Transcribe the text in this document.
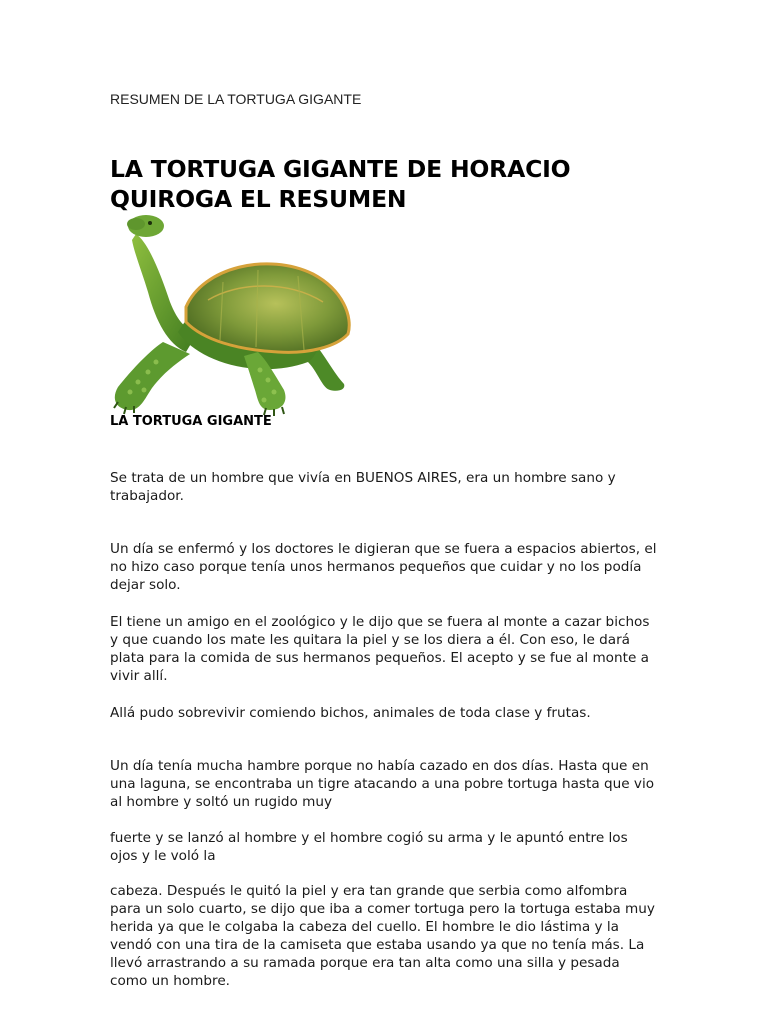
RESUMEN DE LA TORTUGA GIGANTE
LA TORTUGA GIGANTE DE HORACIO QUIROGA EL RESUMEN
LA TORTUGA GIGANTE

Se trata de un hombre que vivía en BUENOS AIRES, era un hombre sano y trabajador.

Un día se enfermó y los doctores le digieran que se fuera a espacios abiertos, el no hizo caso porque tenía unos hermanos pequeños que cuidar y no los podía dejar solo.

El tiene un amigo en el zoológico y le dijo que se fuera al monte a cazar bichos y que cuando los mate les quitara la piel y se los diera a él. Con eso, le dará plata para la comida de sus hermanos pequeños. El acepto y se fue al monte a vivir allí.

Allá pudo sobrevivir comiendo bichos, animales de toda clase y frutas.

Un día tenía mucha hambre porque no había cazado en dos días. Hasta que en una laguna, se encontraba un tigre atacando a una pobre tortuga hasta que vio al hombre y soltó un rugido muy

fuerte y se lanzó al hombre y el hombre cogió su arma y le apuntó entre los ojos y le voló la

cabeza. Después le quitó la piel y era tan grande que serbia como alfombra para un solo cuarto, se dijo que iba a comer tortuga pero la tortuga estaba muy herida ya que le colgaba la cabeza del cuello. El hombre le dio lástima y la vendó con una tira de la camiseta que estaba usando ya que no tenía más. La llevó arrastrando a su ramada porque era tan alta como una silla y pesada como un hombre.
